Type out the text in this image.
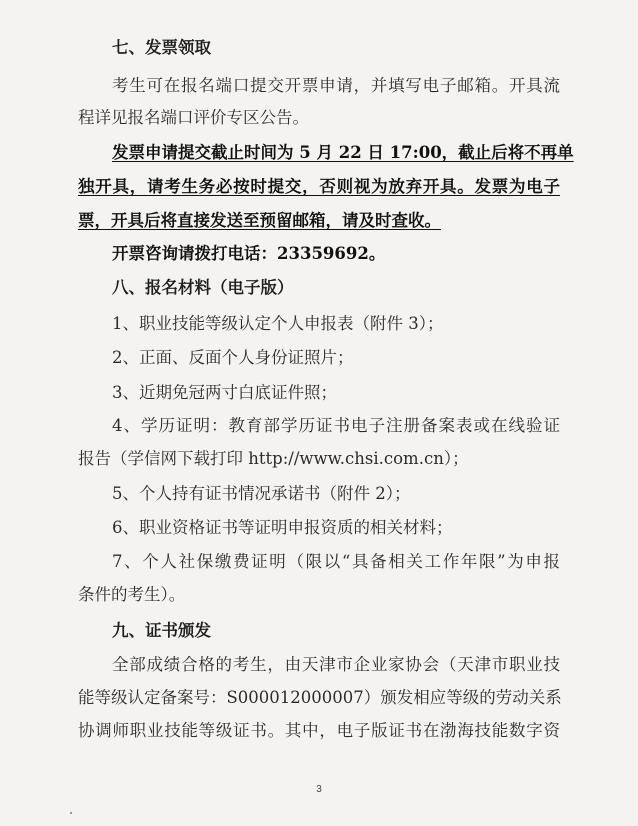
七、发票领取
考生可在报名端口提交开票申请，并填写电子邮箱。开具流
程详见报名端口评价专区公告。
发票申请提交截止时间为 5 月 22 日 17:00，截止后将不再单
独开具，请考生务必按时提交，否则视为放弃开具。发票为电子
票，开具后将直接发送至预留邮箱，请及时查收。
开票咨询请拨打电话：23359692。
八、报名材料（电子版）
1、职业技能等级认定个人申报表（附件 3）；
2、正面、反面个人身份证照片；
3、近期免冠两寸白底证件照；
4、学历证明：教育部学历证书电子注册备案表或在线验证
报告（学信网下载打印 http://www.chsi.com.cn）；
5、个人持有证书情况承诺书（附件 2）；
6、职业资格证书等证明申报资质的相关材料；
7、个人社保缴费证明（限以“具备相关工作年限”为申报
条件的考生）。
九、证书颁发
全部成绩合格的考生，由天津市企业家协会（天津市职业技
能等级认定备案号：S000012000007）颁发相应等级的劳动关系
协调师职业技能等级证书。其中，电子版证书在渤海技能数字资
3
